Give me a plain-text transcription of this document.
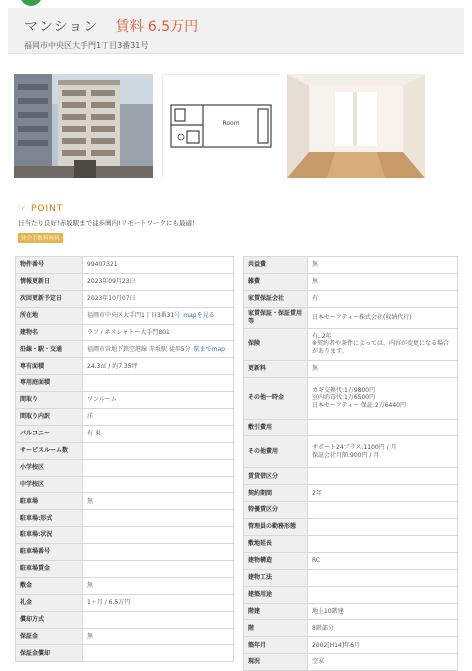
マンション 賃料 6.5万円
福岡市中央区大手門1丁目3番31号
Room
☞ POINT
日当たり良好!赤坂駅まで徒歩圏内!リモートワークにも最適!
仲介手数料無料
物件番号	99407321
情報更新日	2023年09月23日
次回更新予定日	2023年10月07日
所在地	福岡市中央区大手門1丁目3番31号 mapを見る
建物名	ラフィネスシャトー大手門801
沿線・駅・交通	福岡市営地下鉄空港線 赤坂駅 徒歩5分 駅までmap
専有面積	24.3㎡ / 約7.35坪
専用庭面積	
間取り	ワンルーム
間取り内訳	洋
バルコニー	有 東
サービスルーム数	
小学校区	
中学校区	
駐車場	無
駐車場:形式	
駐車場:状況	
駐車場番号	
駐車場賃金	
敷金	無
礼金	1ヶ月 / 6.5万円
償却方式	
保証金	無
保証金償却	
共益費	無
雑費	無
家賃保証会社	有
家賃保証・保証賃用等	日本セーフティー株式会社(収納代行)
保険	有, 2年
※契約者や条件によっては、内容が変更になる場合があります。
更新料	無
その他一時金	カギ交換代:1万9800円
室内消毒代:1万6500円
日本セーフティー 保証:2万6440円
敷引費用	
その他費用	サポート24プラス:1100円 / 月
保証会社月額:900円 / 月
賃貸借区分	
契約期間	2年
特優賃区分	
管理員の勤務形態	
敷地延長	
建物構造	RC
建物工法	
建築用途	
階建	地上10階建
階	8階部分
築年月	2002[H14]年6月
現況	空家
